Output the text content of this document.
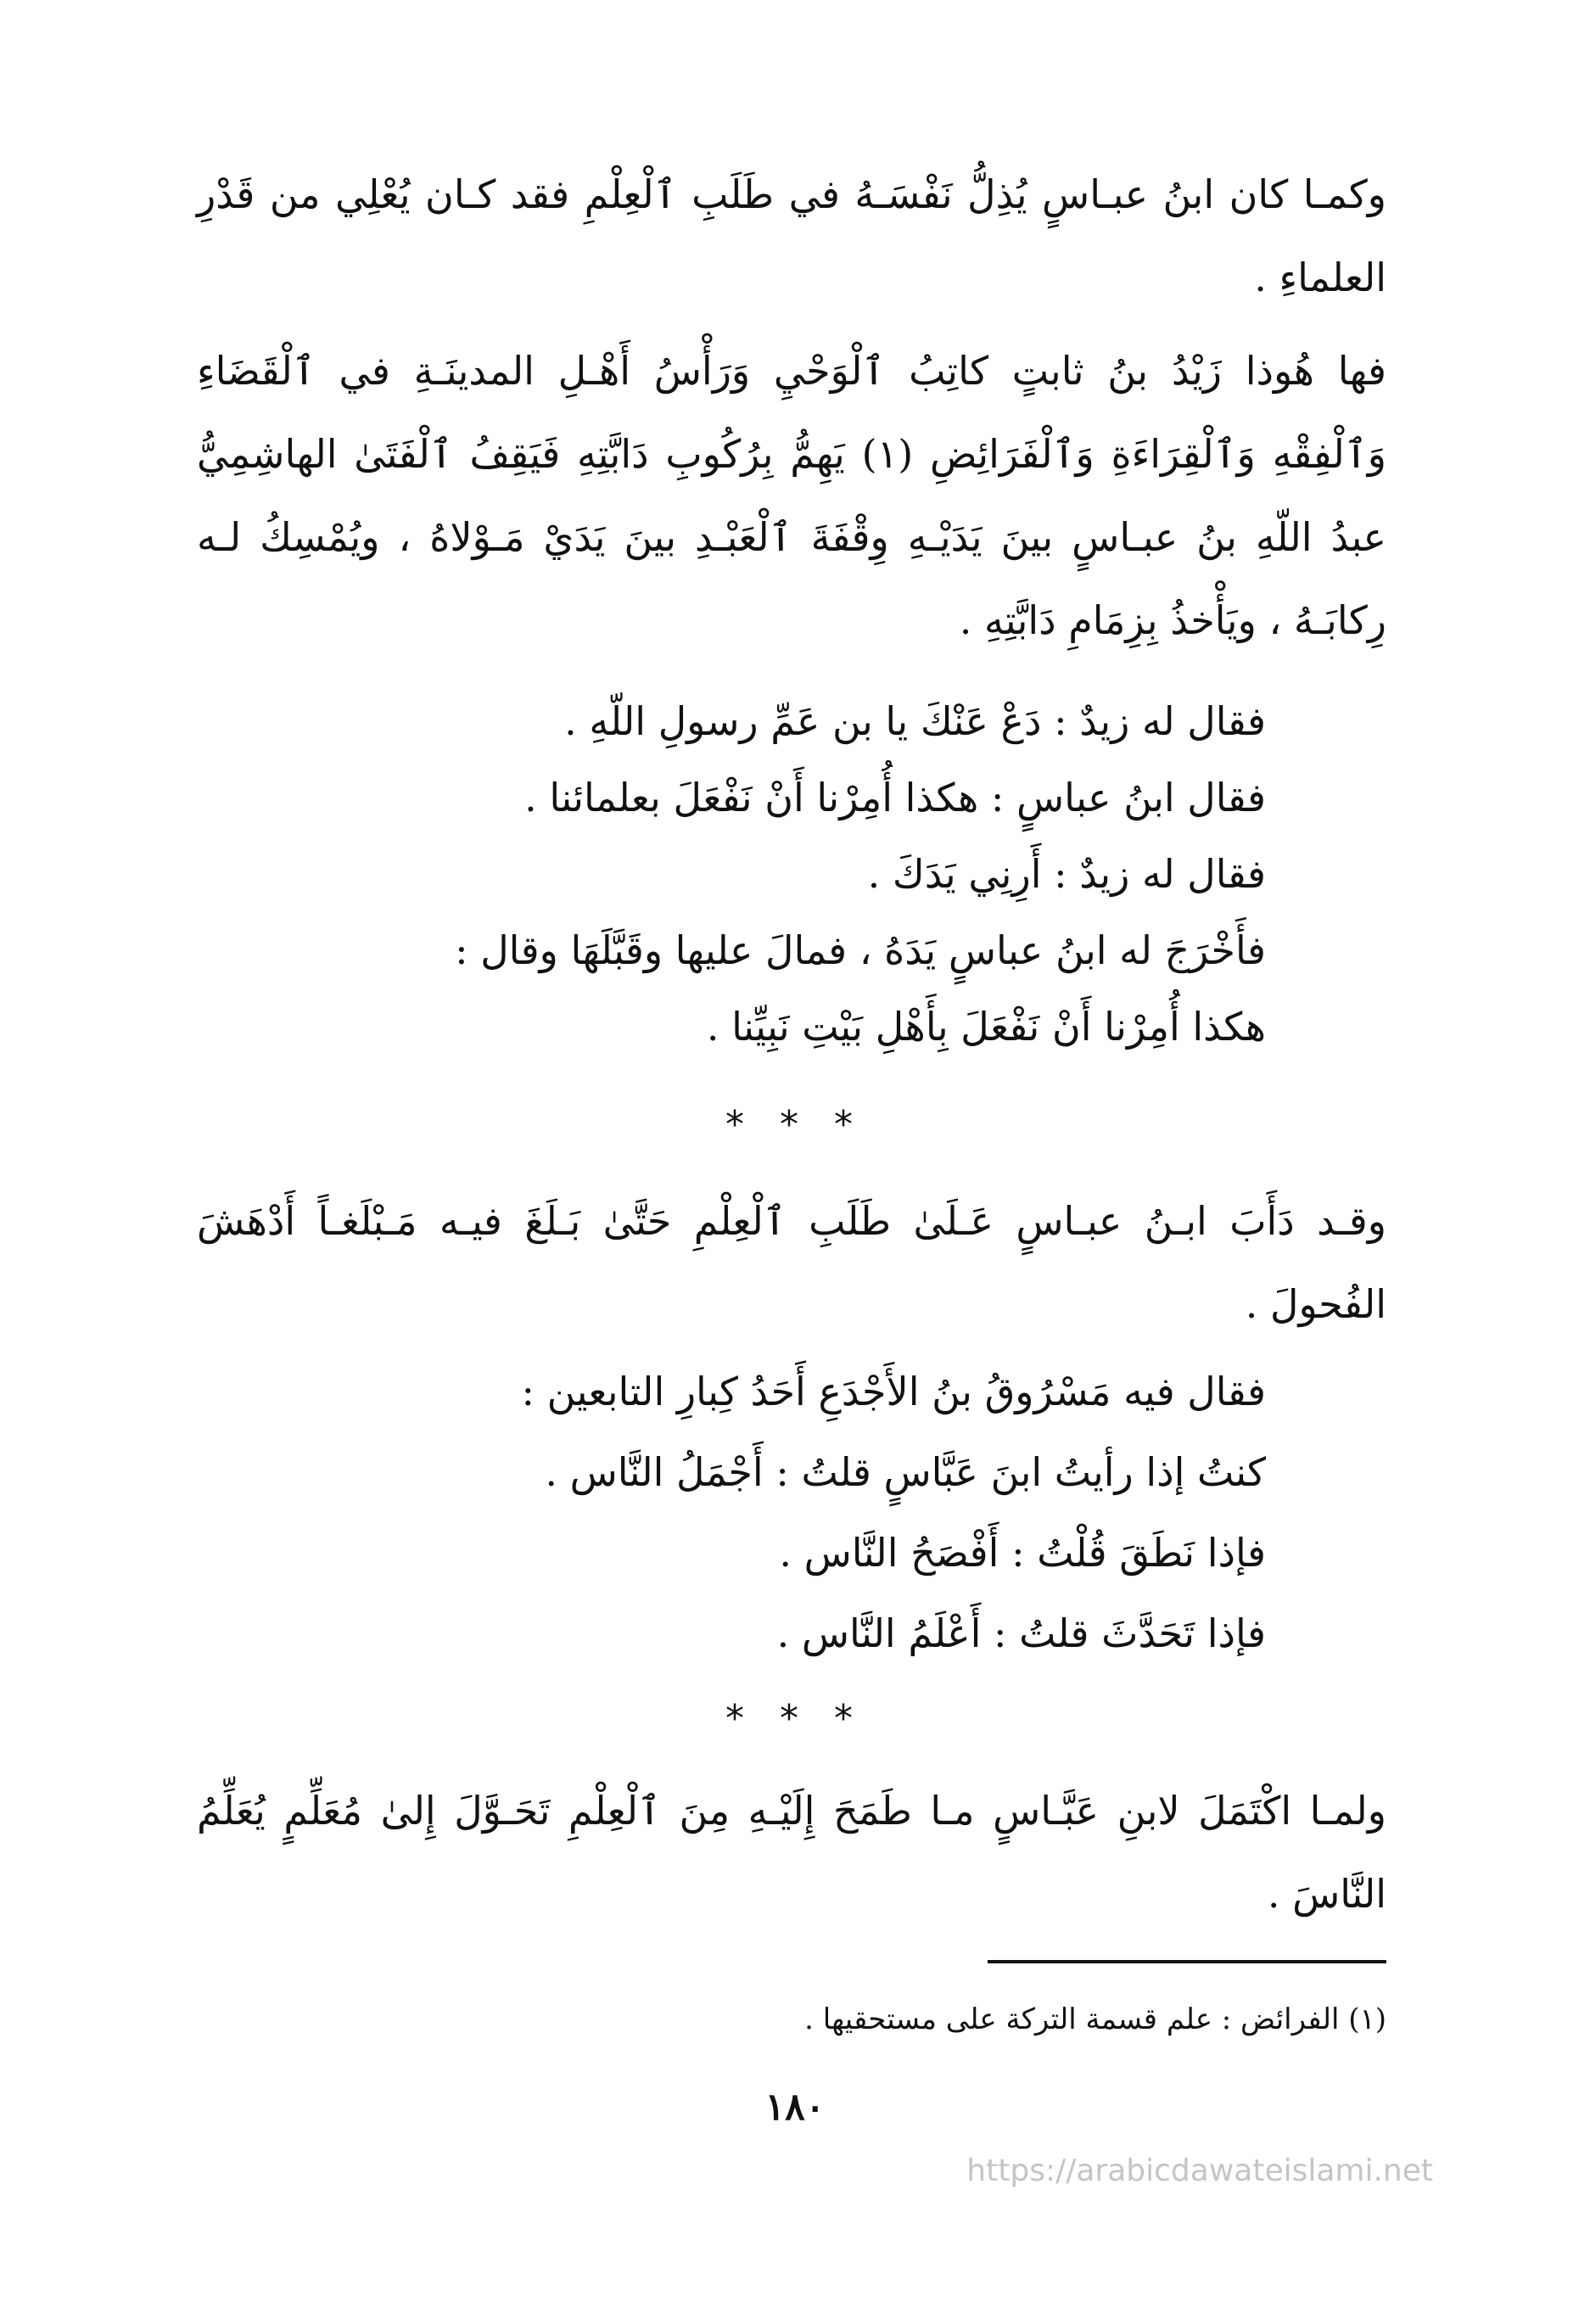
وكمـا كان ابنُ عبـاسٍ يُذِلُّ نَفْسَـهُ في طَلَبِ ٱلْعِلْمِ فقد كـان يُعْلِي من قَدْرِ العلماءِ .

فها هُوذا زَيْدُ بنُ ثابتٍ كاتِبُ ٱلْوَحْيِ وَرَأْسُ أَهْـلِ المدينَـةِ في ٱلْقَضَاءِ وَٱلْفِقْهِ وَٱلْقِرَاءَةِ وَٱلْفَرَائِضِ (١) يَهِمُّ بِرُكُوبِ دَابَّتِهِ فَيَقِفُ ٱلْفَتَىٰ الهاشِمِيُّ عبدُ اللّهِ بنُ عبـاسٍ بينَ يَدَيْـهِ وِقْفَةَ ٱلْعَبْـدِ بينَ يَدَيْ مَـوْلاهُ ، ويُمْسِكُ لـه رِكابَـهُ ، ويَأْخذُ بِزِمَامِ دَابَّتِهِ .

فقال له زيدٌ : دَعْ عَنْكَ يا بن عَمِّ رسولِ اللّهِ .
فقال ابنُ عباسٍ : هكذا أُمِرْنا أَنْ نَفْعَلَ بعلمائنا .
فقال له زيدٌ : أَرِنِي يَدَكَ .
فأَخْرَجَ له ابنُ عباسٍ يَدَهُ ، فمالَ عليها وقَبَّلَهَا وقال :
هكذا أُمِرْنا أَنْ نَفْعَلَ بِأَهْلِ بَيْتِ نَبِيِّنا .
* * *

وقـد دَأَبَ ابـنُ عبـاسٍ عَـلَىٰ طَلَبِ ٱلْعِلْمِ حَتَّىٰ بَـلَغَ فيـه مَـبْلَغـاً أَدْهَشَ الفُحولَ .

فقال فيه مَسْرُوقُ بنُ الأَجْدَعِ أَحَدُ كِبارِ التابعين :
كنتُ إذا رأيتُ ابنَ عَبَّاسٍ قلتُ : أَجْمَلُ النَّاس .
فإذا نَطَقَ قُلْتُ : أَفْصَحُ النَّاس .
فإذا تَحَدَّثَ قلتُ : أَعْلَمُ النَّاس .
* * *

ولمـا اكْتَمَلَ لابنِ عَبَّـاسٍ مـا طَمَحَ إِلَيْـهِ مِنَ ٱلْعِلْمِ تَحَـوَّلَ إِلىٰ مُعَلِّمٍ يُعَلِّمُ النَّاسَ .

(١) الفرائض : علم قسمة التركة على مستحقيها .
١٨٠
https://arabicdawateislami.net
